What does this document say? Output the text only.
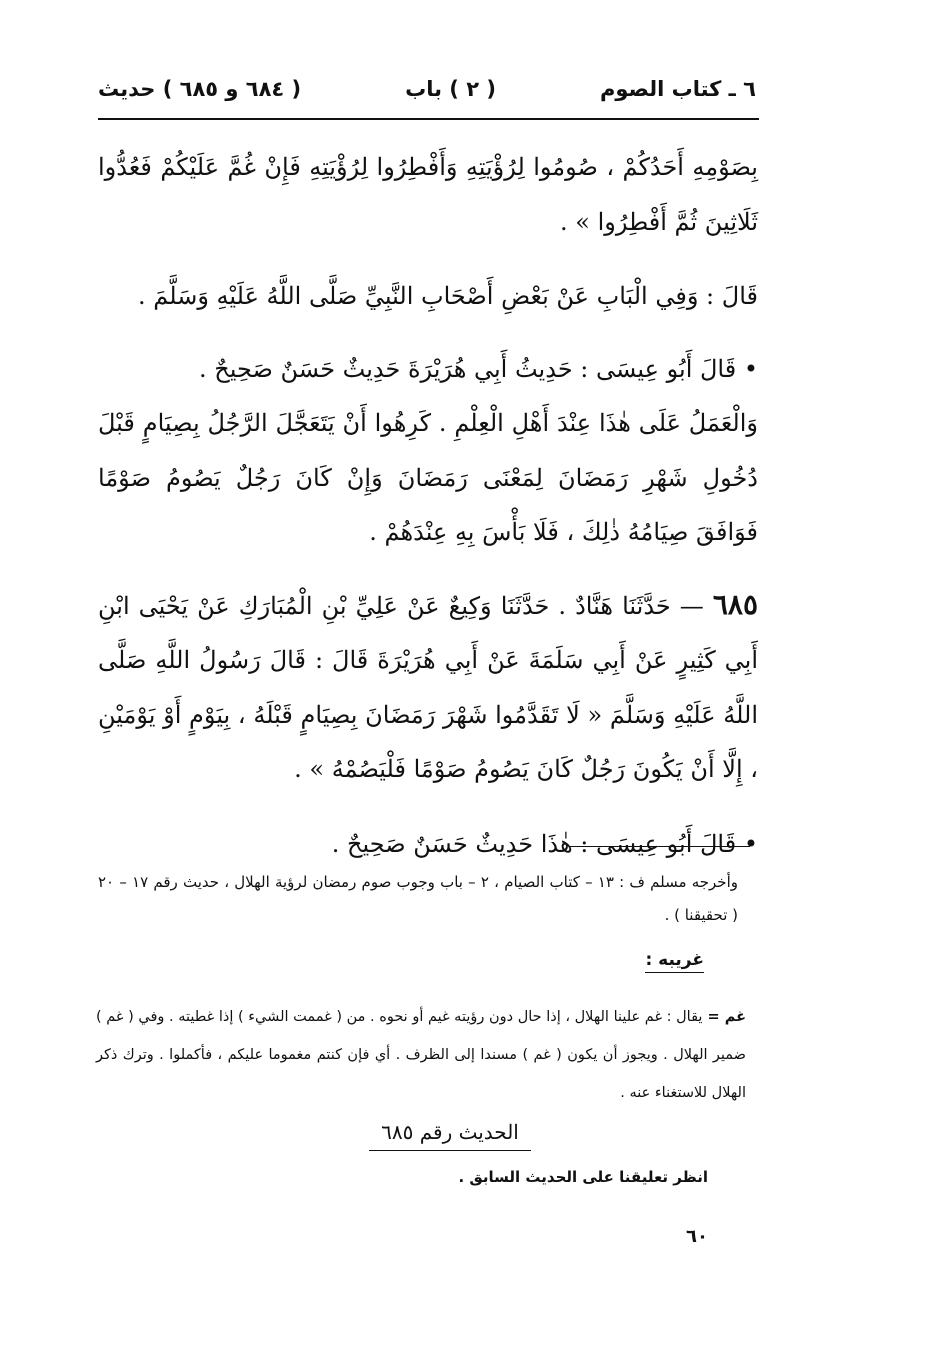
٦ ـ كتاب الصوم
( ٢ ) باب
( ٦٨٤ و ٦٨٥ ) حديث

بِصَوْمِهِ أَحَدُكُمْ ، صُومُوا لِرُؤْيَتِهِ وَأَفْطِرُوا لِرُؤْيَتِهِ فَإِنْ غُمَّ عَلَيْكُمْ فَعُدُّوا ثَلَاثِينَ ثُمَّ أَفْطِرُوا » .

قَالَ : وَفِي الْبَابِ عَنْ بَعْضِ أَصْحَابِ النَّبِيِّ صَلَّى اللَّهُ عَلَيْهِ وَسَلَّمَ .

• قَالَ أَبُو عِيسَى : حَدِيثُ أَبِي هُرَيْرَةَ حَدِيثٌ حَسَنٌ صَحِيحٌ .

وَالْعَمَلُ عَلَى هٰذَا عِنْدَ أَهْلِ الْعِلْمِ . كَرِهُوا أَنْ يَتَعَجَّلَ الرَّجُلُ بِصِيَامٍ قَبْلَ دُخُولِ شَهْرِ رَمَضَانَ لِمَعْنَى رَمَضَانَ وَإِنْ كَانَ رَجُلٌ يَصُومُ صَوْمًا فَوَافَقَ صِيَامُهُ ذٰلِكَ ، فَلَا بَأْسَ بِهِ عِنْدَهُمْ .

٦٨٥ — حَدَّثَنَا هَنَّادٌ . حَدَّثَنَا وَكِيعٌ عَنْ عَلِيِّ بْنِ الْمُبَارَكِ عَنْ يَحْيَى ابْنِ أَبِي كَثِيرٍ عَنْ أَبِي سَلَمَةَ عَنْ أَبِي هُرَيْرَةَ قَالَ : قَالَ رَسُولُ اللَّهِ صَلَّى اللَّهُ عَلَيْهِ وَسَلَّمَ « لَا تَقَدَّمُوا شَهْرَ رَمَضَانَ بِصِيَامٍ قَبْلَهُ ، بِيَوْمٍ أَوْ يَوْمَيْنِ ، إِلَّا أَنْ يَكُونَ رَجُلٌ كَانَ يَصُومُ صَوْمًا فَلْيَصُمْهُ » .

• قَالَ أَبُو عِيسَى : هٰذَا حَدِيثٌ حَسَنٌ صَحِيحٌ .

وأخرجه مسلم ف : ١٣ – كتاب الصيام ، ٢ – باب وجوب صوم رمضان لرؤية الهلال ، حديث رقم ١٧ – ٢٠ ( تحقيقنا ) .

غريبه :

غم = يقال : غم علينا الهلال ، إذا حال دون رؤيته غيم أو نحوه . من ( غممت الشيء ) إذا غطيته . وفي ( غم ) ضمير الهلال . ويجوز أن يكون ( غم ) مسندا إلى الظرف . أي فإن كنتم مغموما عليكم ، فأكملوا . وترك ذكر الهلال للاستغناء عنه .

الحديث رقم ٦٨٥
انظر تعليقنا على الحديث السابق .
٦٠
